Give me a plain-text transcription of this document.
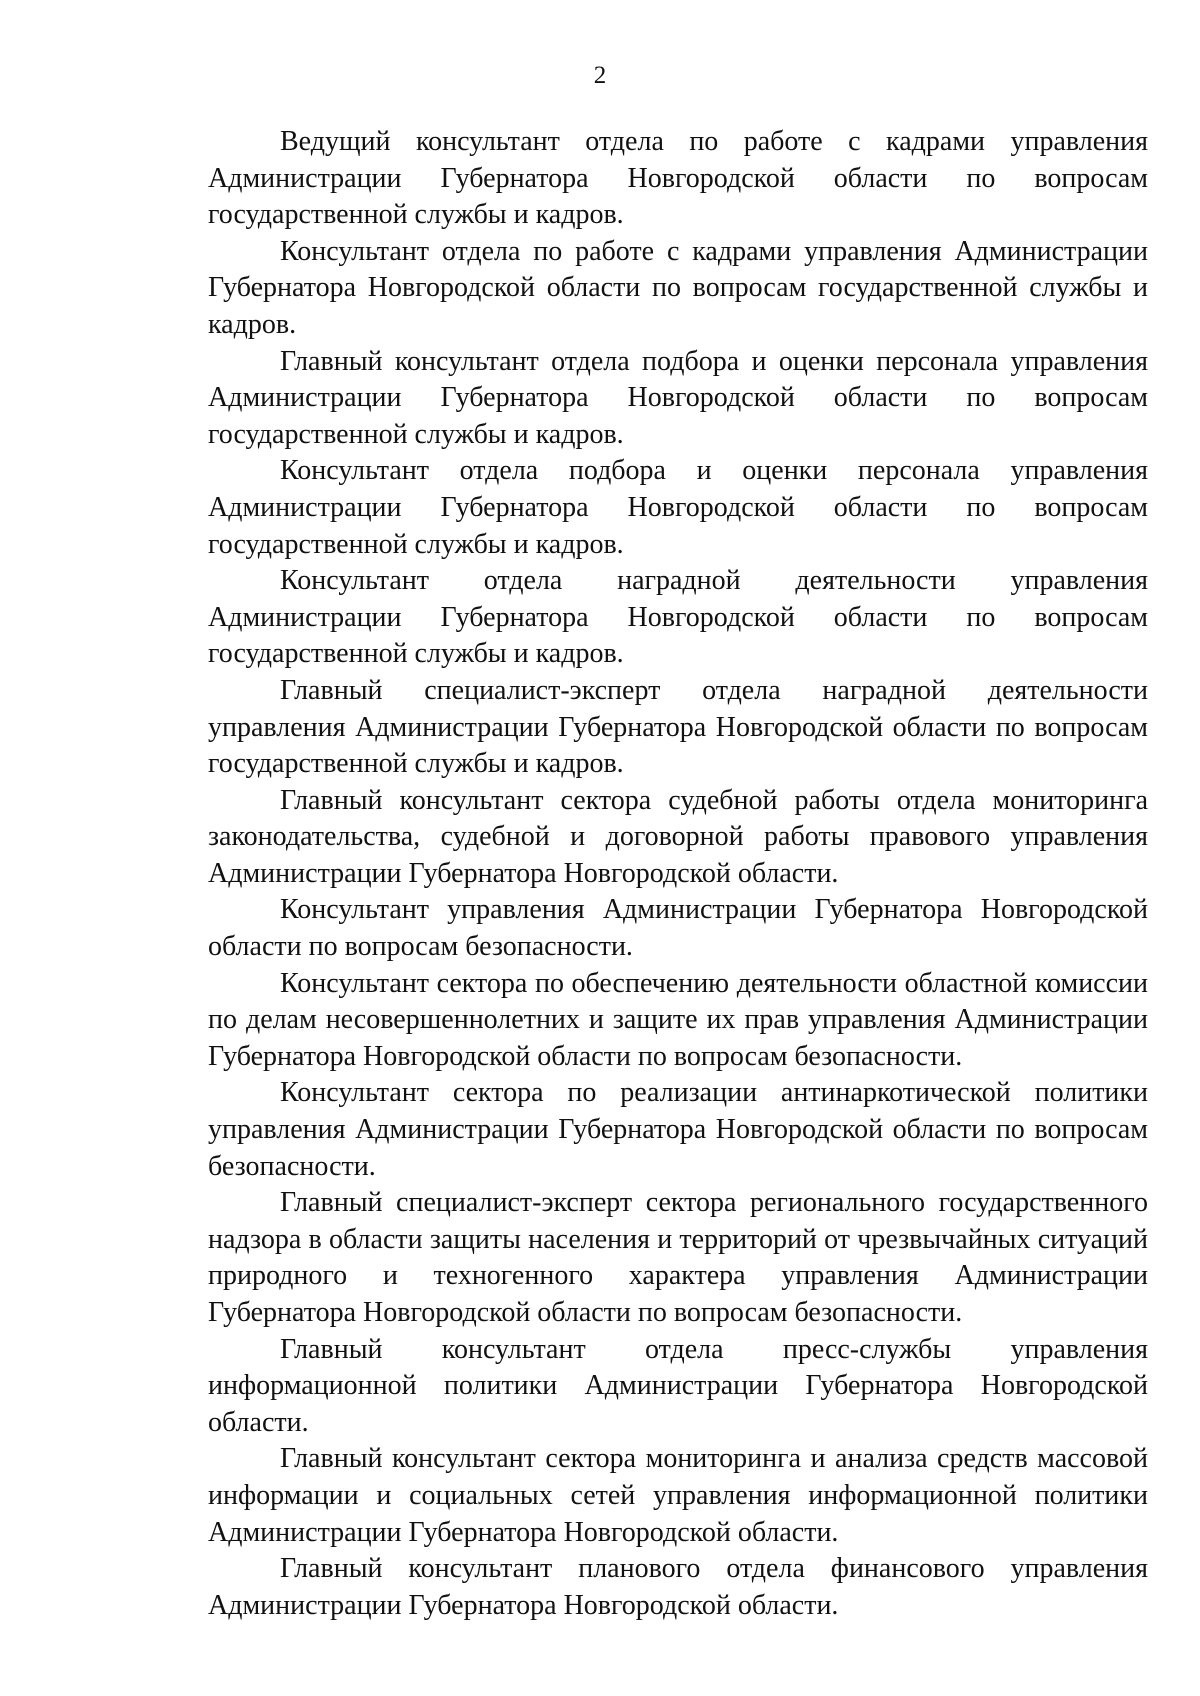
2

Ведущий консультант отдела по работе с кадрами управления Администрации Губернатора Новгородской области по вопросам государственной службы и кадров.

Консультант отдела по работе с кадрами управления Администрации Губернатора Новгородской области по вопросам государственной службы и кадров.

Главный консультант отдела подбора и оценки персонала управления Администрации Губернатора Новгородской области по вопросам государственной службы и кадров.

Консультант отдела подбора и оценки персонала управления Администрации Губернатора Новгородской области по вопросам государственной службы и кадров.

Консультант отдела наградной деятельности управления Администрации Губернатора Новгородской области по вопросам государственной службы и кадров.

Главный специалист-эксперт отдела наградной деятельности управления Администрации Губернатора Новгородской области по вопросам государственной службы и кадров.

Главный консультант сектора судебной работы отдела мониторинга законодательства, судебной и договорной работы правового управления Администрации Губернатора Новгородской области.

Консультант управления Администрации Губернатора Новгородской области по вопросам безопасности.

Консультант сектора по обеспечению деятельности областной комиссии по делам несовершеннолетних и защите их прав управления Администрации Губернатора Новгородской области по вопросам безопасности.

Консультант сектора по реализации антинаркотической политики управления Администрации Губернатора Новгородской области по вопросам безопасности.

Главный специалист-эксперт сектора регионального государственного надзора в области защиты населения и территорий от чрезвычайных ситуаций природного и техногенного характера управления Администрации Губернатора Новгородской области по вопросам безопасности.

Главный консультант отдела пресс-службы управления информационной политики Администрации Губернатора Новгородской области.

Главный консультант сектора мониторинга и анализа средств массовой информации и социальных сетей управления информационной политики Администрации Губернатора Новгородской области.

Главный консультант планового отдела финансового управления Администрации Губернатора Новгородской области.
